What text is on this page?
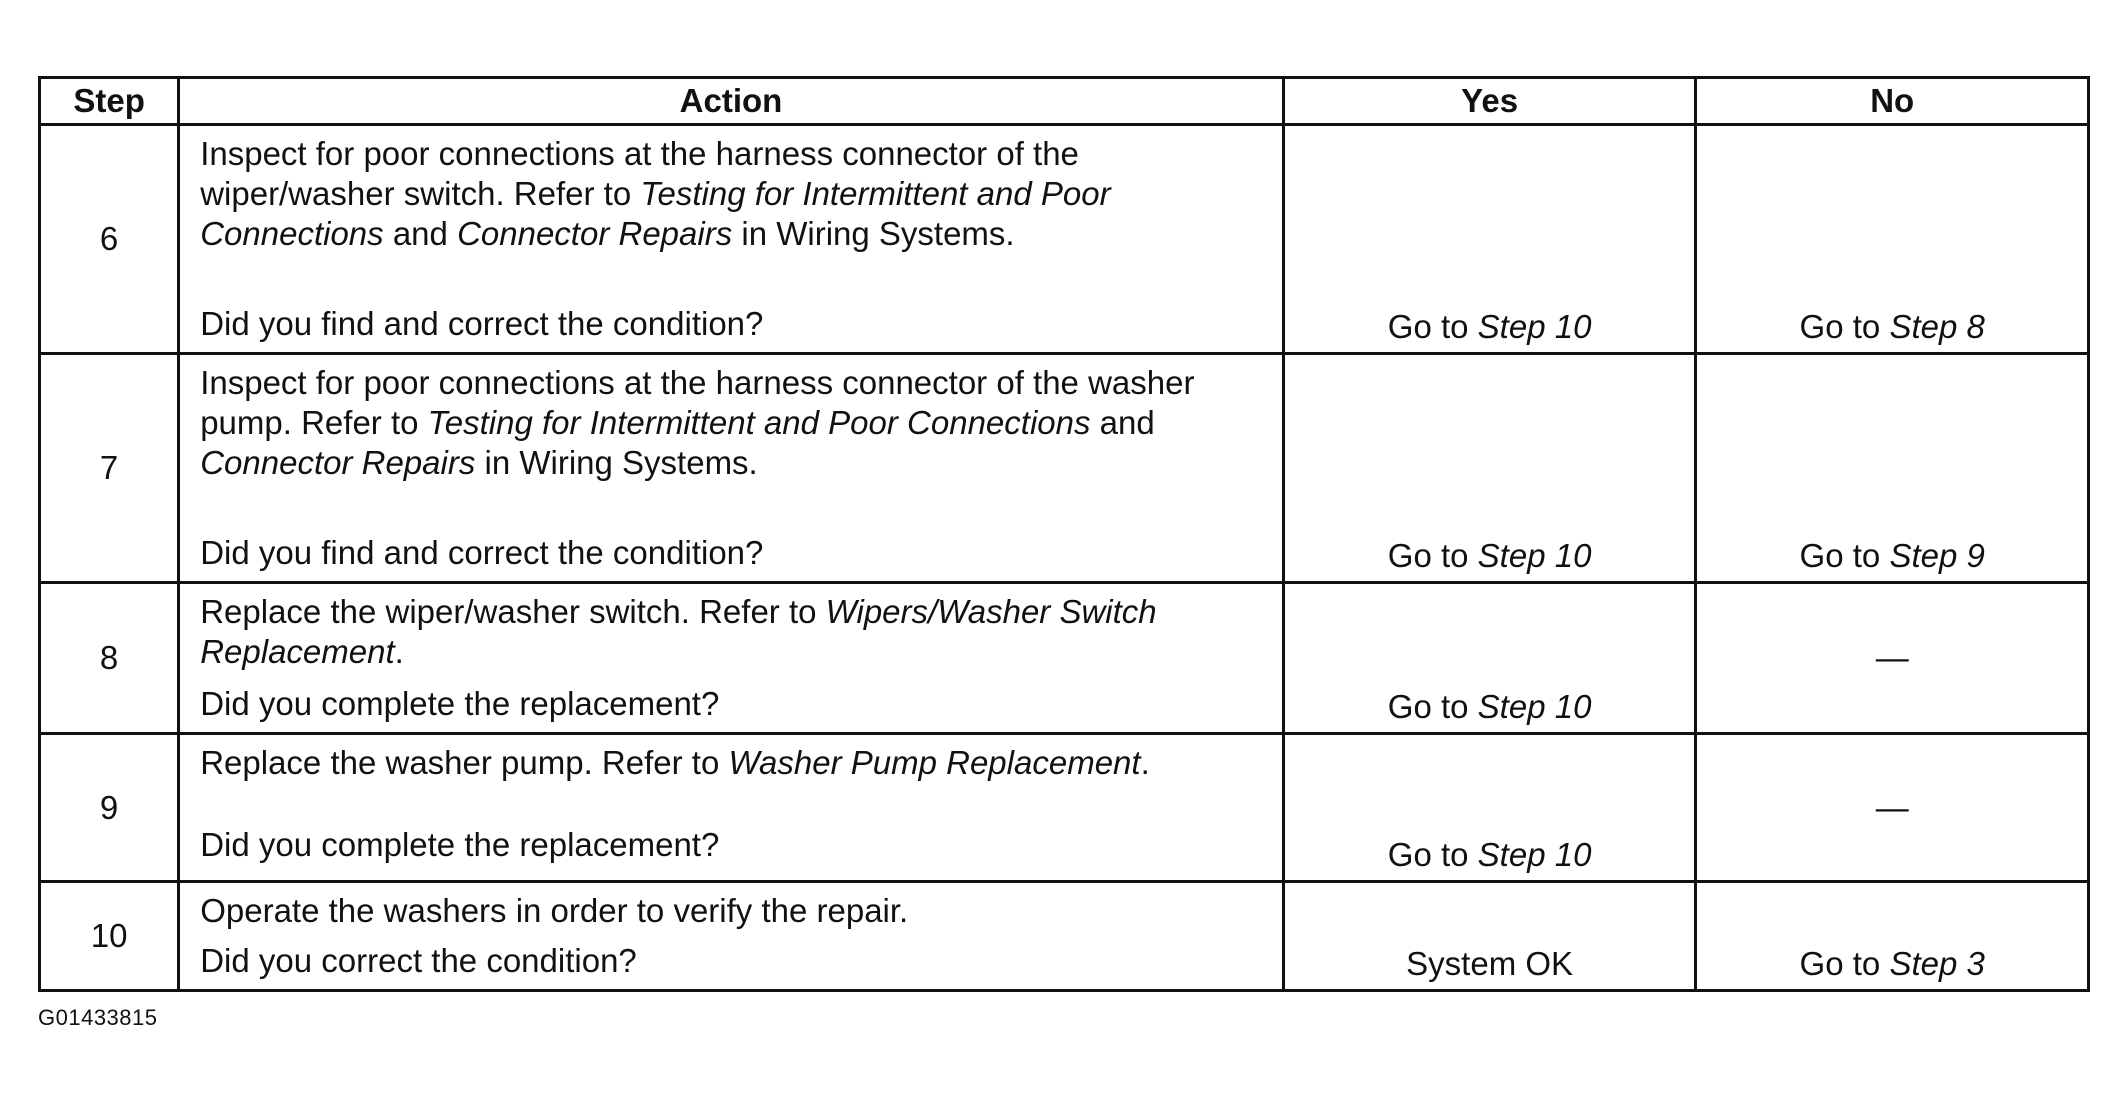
Step	Action	Yes	No
6	Inspect for poor connections at the harness connector of the wiper/washer switch. Refer to Testing for Intermittent and Poor Connections and Connector Repairs in Wiring Systems.
Did you find and correct the condition?	Go to Step 10	Go to Step 8
7	Inspect for poor connections at the harness connector of the washer pump. Refer to Testing for Intermittent and Poor Connections and Connector Repairs in Wiring Systems.
Did you find and correct the condition?	Go to Step 10	Go to Step 9
8	Replace the wiper/washer switch. Refer to Wipers/Washer Switch Replacement.
Did you complete the replacement?	Go to Step 10	—
9	Replace the washer pump. Refer to Washer Pump Replacement.
Did you complete the replacement?	Go to Step 10	—
10	Operate the washers in order to verify the repair.
Did you correct the condition?	System OK	Go to Step 3
G01433815
